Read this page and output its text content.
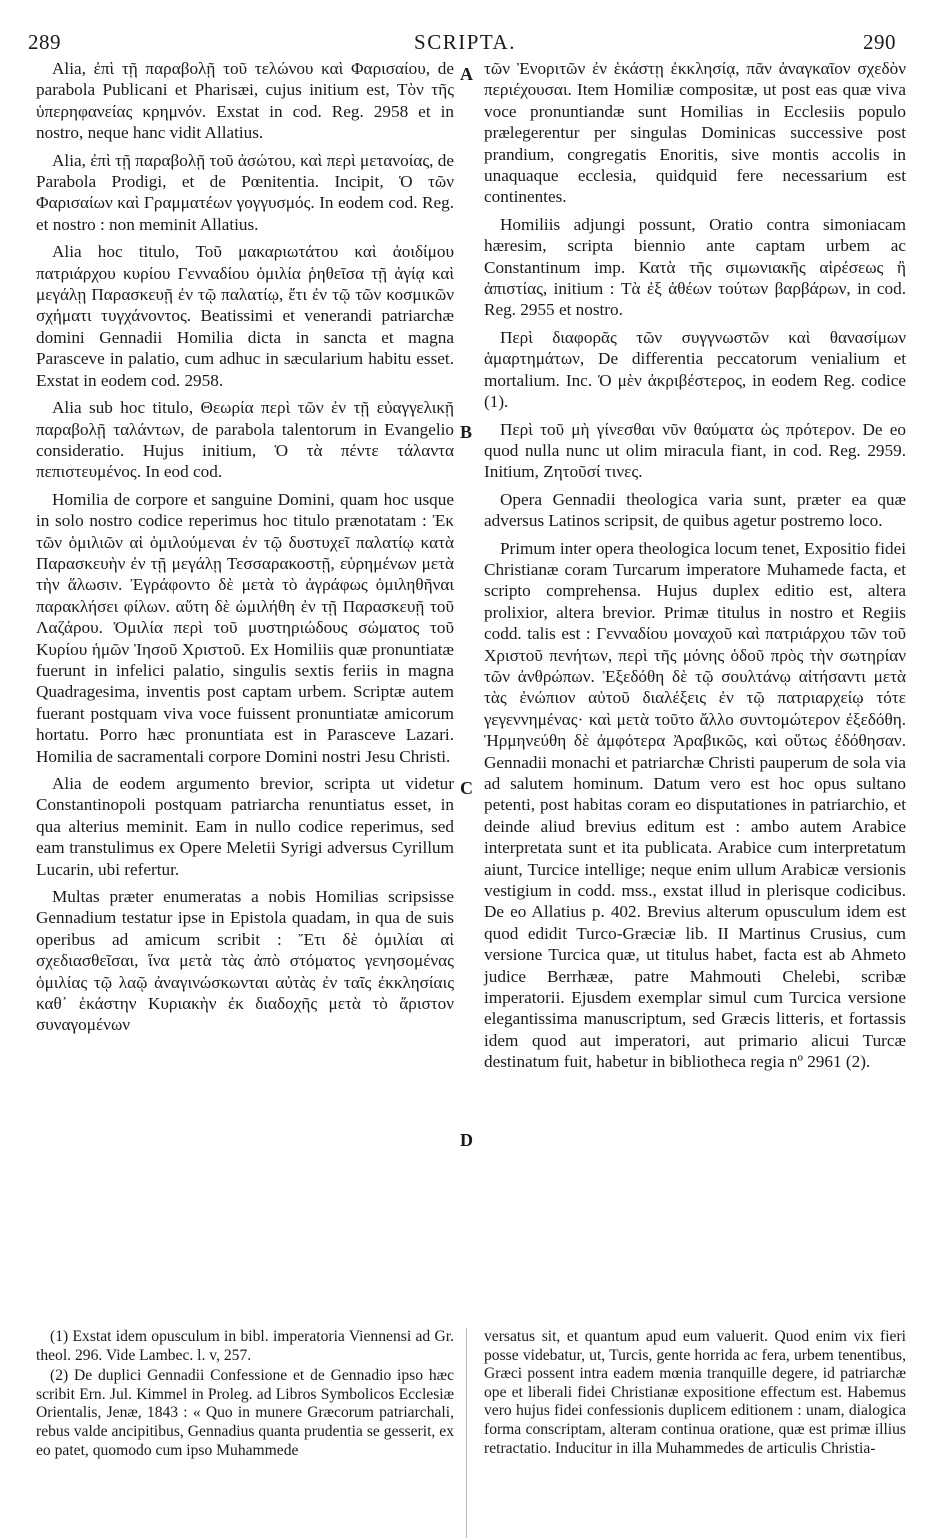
289	SCRIPTA.	290

Alia, ἐπὶ τῇ παραβολῇ τοῦ τελώνου καὶ Φαρισαίου, de parabola Publicani et Pharisæi, cujus initium est, Τὸν τῆς ὑπερηφανείας κρημνόν. Exstat in cod. Reg. 2958 et in nostro, neque hanc vidit Allatius.

Alia, ἐπὶ τῇ παραβολῇ τοῦ ἀσώτου, καὶ περὶ μετανοίας, de Parabola Prodigi, et de Pœnitentia. Incipit, Ὁ τῶν Φαρισαίων καὶ Γραμματέων γογγυσμός. In eodem cod. Reg. et nostro : non meminit Allatius.

Alia hoc titulo, Τοῦ μακαριωτάτου καὶ ἀοιδίμου πατριάρχου κυρίου Γενναδίου ὁμιλία ῥηθεῖσα τῇ ἁγίᾳ καὶ μεγάλῃ Παρασκευῇ ἐν τῷ παλατίῳ, ἔτι ἐν τῷ τῶν κοσμικῶν σχήματι τυγχάνοντος. Beatissimi et venerandi patriarchæ domini Gennadii Homilia dicta in sancta et magna Parasceve in palatio, cum adhuc in sæcularium habitu esset. Exstat in eodem cod. 2958.

Alia sub hoc titulo, Θεωρία περὶ τῶν ἐν τῇ εὐαγγελικῇ παραβολῇ ταλάντων, de parabola talentorum in Evangelio consideratio. Hujus initium, Ὁ τὰ πέντε τάλαντα πεπιστευμένος. In eod cod.

Homilia de corpore et sanguine Domini, quam hoc usque in solo nostro codice reperimus hoc titulo prænotatam : Ἐκ τῶν ὁμιλιῶν αἱ ὁμιλούμεναι ἐν τῷ δυστυχεῖ παλατίῳ κατὰ Παρασκευὴν ἐν τῇ μεγάλῃ Τεσσαρακοστῇ, εὑρημένων μετὰ τὴν ἅλωσιν. Ἐγράφοντο δὲ μετὰ τὸ ἀγράφως ὁμιληθῆναι παρακλήσει φίλων. αὕτη δὲ ὡμιλήθη ἐν τῇ Παρασκευῇ τοῦ Λαζάρου. Ὁμιλία περὶ τοῦ μυστηριώδους σώματος τοῦ Κυρίου ἡμῶν Ἰησοῦ Χριστοῦ. Ex Homiliis quæ pronuntiatæ fuerunt in infelici palatio, singulis sextis feriis in magna Quadragesima, inventis post captam urbem. Scriptæ autem fuerant postquam viva voce fuissent pronuntiatæ amicorum hortatu. Porro hæc pronuntiata est in Parasceve Lazari. Homilia de sacramentali corpore Domini nostri Jesu Christi.

Alia de eodem argumento brevior, scripta ut videtur Constantinopoli postquam patriarcha renuntiatus esset, in qua alterius meminit. Eam in nullo codice reperimus, sed eam transtulimus ex Opere Meletii Syrigi adversus Cyrillum Lucarin, ubi refertur.

Multas præter enumeratas a nobis Homilias scripsisse Gennadium testatur ipse in Epistola quadam, in qua de suis operibus ad amicum scribit : Ἔτι δὲ ὁμιλίαι αἱ σχεδιασθεῖσαι, ἵνα μετὰ τὰς ἀπὸ στόματος γενησομένας ὁμιλίας τῷ λαῷ ἀναγινώσκωνται αὐτὰς ἐν ταῖς ἐκκλησίαις καθ᾽ ἑκάστην Κυριακὴν ἐκ διαδοχῆς μετὰ τὸ ἄριστον συναγομένων

A
B
C
D

τῶν Ἐνοριτῶν ἐν ἑκάστῃ ἐκκλησίᾳ, πᾶν ἀναγκαῖον σχεδὸν περιέχουσαι. Item Homiliæ compositæ, ut post eas quæ viva voce pronuntiandæ sunt Homilias in Ecclesiis populo prælegerentur per singulas Dominicas successive post prandium, congregatis Enoritis, sive montis accolis in unaquaque ecclesia, quidquid fere necessarium est continentes.

Homiliis adjungi possunt, Oratio contra simoniacam hæresim, scripta biennio ante captam urbem ac Constantinum imp. Κατὰ τῆς σιμωνιακῆς αἱρέσεως ἢ ἀπιστίας, initium : Τὰ ἐξ ἀθέων τούτων βαρβάρων, in cod. Reg. 2955 et nostro.

Περὶ διαφορᾶς τῶν συγγνωστῶν καὶ θανασίμων ἁμαρτημάτων, De differentia peccatorum venialium et mortalium. Inc. Ὁ μὲν ἀκριβέστερος, in eodem Reg. codice (1).

Περὶ τοῦ μὴ γίνεσθαι νῦν θαύματα ὡς πρότερον. De eo quod nulla nunc ut olim miracula fiant, in cod. Reg. 2959. Initium, Ζητοῦσί τινες.

Opera Gennadii theologica varia sunt, præter ea quæ adversus Latinos scripsit, de quibus agetur postremo loco.

Primum inter opera theologica locum tenet, Expositio fidei Christianæ coram Turcarum imperatore Muhamede facta, et scripto comprehensa. Hujus duplex editio est, altera prolixior, altera brevior. Primæ titulus in nostro et Regiis codd. talis est : Γενναδίου μοναχοῦ καὶ πατριάρχου τῶν τοῦ Χριστοῦ πενήτων, περὶ τῆς μόνης ὁδοῦ πρὸς τὴν σωτηρίαν τῶν ἀνθρώπων. Ἐξεδόθη δὲ τῷ σουλτάνῳ αἰτήσαντι μετὰ τὰς ἐνώπιον αὐτοῦ διαλέξεις ἐν τῷ πατριαρχείῳ τότε γεγεννημένας· καὶ μετὰ τοῦτο ἄλλο συντομώτερον ἐξεδόθη. Ἡρμηνεύθη δὲ ἀμφότερα Ἀραβικῶς, καὶ οὕτως ἐδόθησαν. Gennadii monachi et patriarchæ Christi pauperum de sola via ad salutem hominum. Datum vero est hoc opus sultano petenti, post habitas coram eo disputationes in patriarchio, et deinde aliud brevius editum est : ambo autem Arabice interpretata sunt et ita publicata. Arabice cum interpretatum aiunt, Turcice intellige; neque enim ullum Arabicæ versionis vestigium in codd. mss., exstat illud in plerisque codicibus. De eo Allatius p. 402. Brevius alterum opusculum idem est quod edidit Turco-Græciæ lib. II Martinus Crusius, cum versione Turcica quæ, ut titulus habet, facta est ab Ahmeto judice Berrhææ, patre Mahmouti Chelebi, scribæ imperatorii. Ejusdem exemplar simul cum Turcica versione elegantissima manuscriptum, sed Græcis litteris, et fortassis idem quod aut imperatori, aut primario alicui Turcæ destinatum fuit, habetur in bibliotheca regia nº 2961 (2).

(1) Exstat idem opusculum in bibl. imperatoria Viennensi ad Gr. theol. 296. Vide Lambec. l. v, 257.

(2) De duplici Gennadii Confessione et de Gennadio ipso hæc scribit Ern. Jul. Kimmel in Proleg. ad Libros Symbolicos Ecclesiæ Orientalis, Jenæ, 1843 : « Quo in munere Græcorum patriarchali, rebus valde ancipitibus, Gennadius quanta prudentia se gesserit, ex eo patet, quomodo cum ipso Muhammede

versatus sit, et quantum apud eum valuerit. Quod enim vix fieri posse videbatur, ut, Turcis, gente horrida ac fera, urbem tenentibus, Græci possent intra eadem mœnia tranquille degere, id patriarchæ ope et liberali fidei Christianæ expositione effectum est. Habemus vero hujus fidei confessionis duplicem editionem : unam, dialogica forma conscriptam, alteram continua oratione, quæ est primæ illius retractatio. Inducitur in illa Muhammedes de articulis Christia-
